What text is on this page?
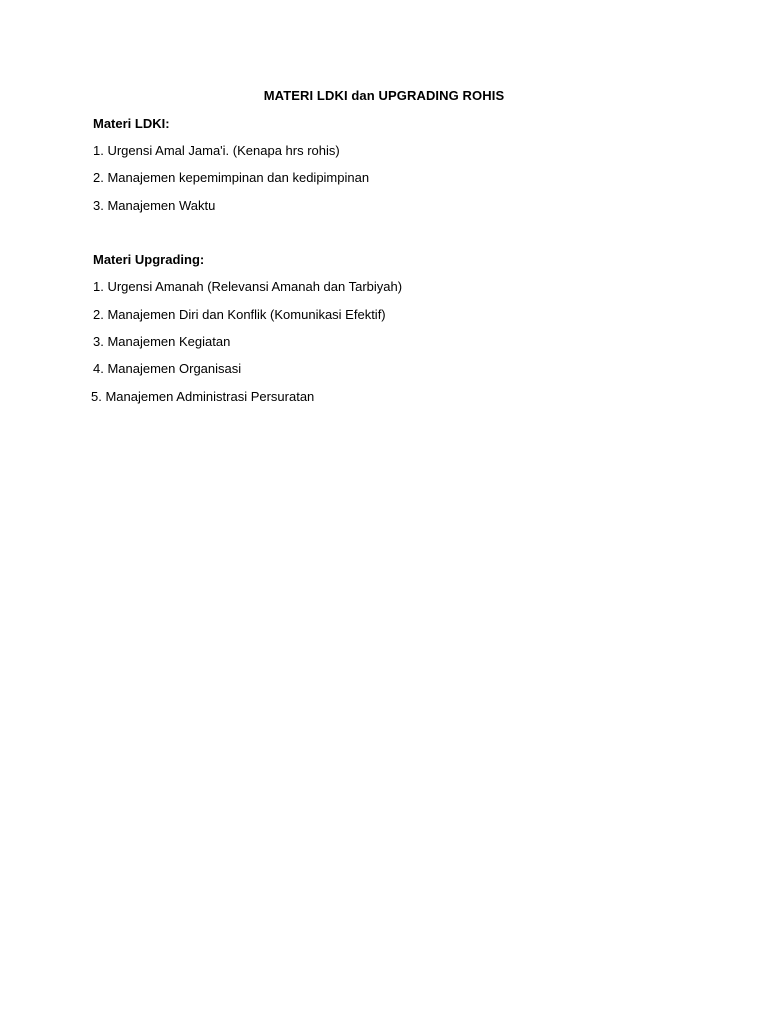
MATERI LDKI dan UPGRADING ROHIS
Materi LDKI:
1. Urgensi Amal Jama'i. (Kenapa hrs rohis)
2. Manajemen kepemimpinan dan kedipimpinan
3. Manajemen Waktu
Materi Upgrading:
1. Urgensi Amanah (Relevansi Amanah dan Tarbiyah)
2. Manajemen Diri dan Konflik (Komunikasi Efektif)
3. Manajemen Kegiatan
4. Manajemen Organisasi
5. Manajemen Administrasi Persuratan
